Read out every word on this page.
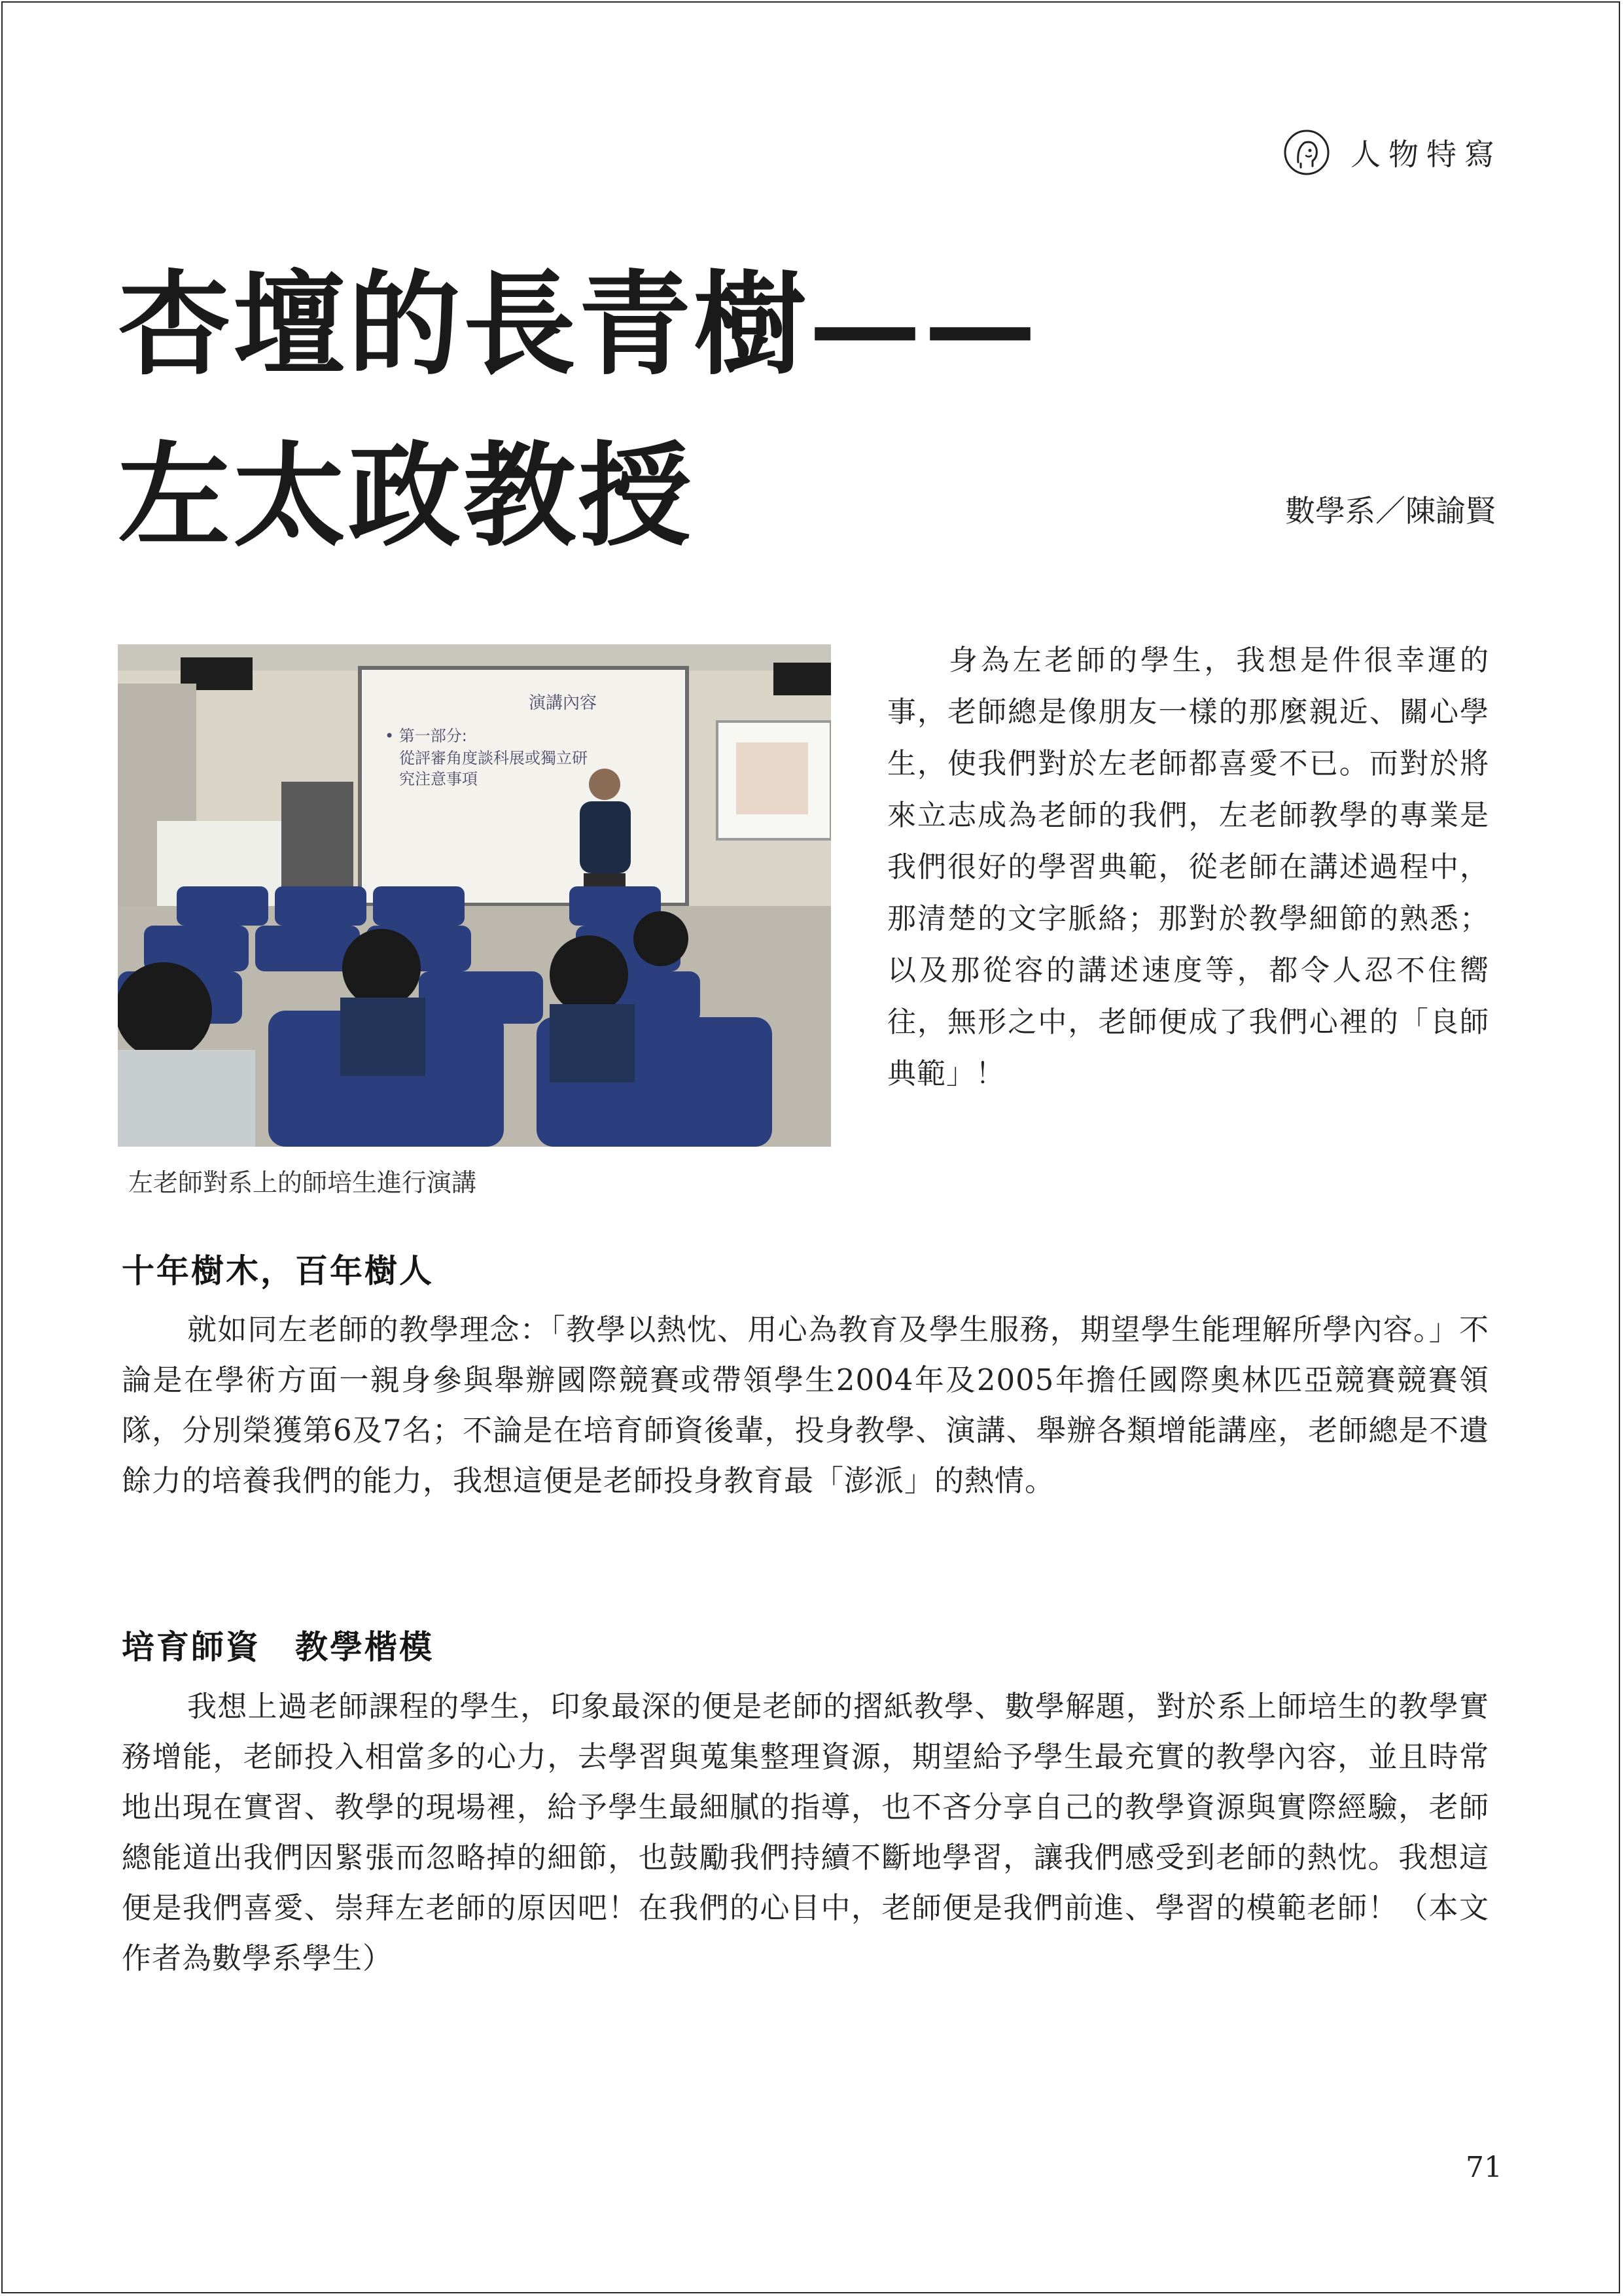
人物特寫
杏壇的長青樹——
左太政教授	數學系／陳諭賢
演講內容
• 第一部分:
從評審角度談科展或獨立研
究注意事項
左老師對系上的師培生進行演講

身為左老師的學生，我想是件很幸運的事，老師總是像朋友一樣的那麼親近、關心學生，使我們對於左老師都喜愛不已。而對於將來立志成為老師的我們，左老師教學的專業是我們很好的學習典範，從老師在講述過程中，那清楚的文字脈絡；那對於教學細節的熟悉；以及那從容的講述速度等，都令人忍不住嚮往，無形之中，老師便成了我們心裡的「良師典範」！

十年樹木，百年樹人

就如同左老師的教學理念：「教學以熱忱、用心為教育及學生服務，期望學生能理解所學內容。」不論是在學術方面一親身參與舉辦國際競賽或帶領學生2004年及2005年擔任國際奧林匹亞競賽競賽領隊，分別榮獲第6及7名；不論是在培育師資後輩，投身教學、演講、舉辦各類增能講座，老師總是不遺餘力的培養我們的能力，我想這便是老師投身教育最「澎派」的熱情。

培育師資　教學楷模

我想上過老師課程的學生，印象最深的便是老師的摺紙教學、數學解題，對於系上師培生的教學實務增能，老師投入相當多的心力，去學習與蒐集整理資源，期望給予學生最充實的教學內容，並且時常地出現在實習、教學的現場裡，給予學生最細膩的指導，也不吝分享自己的教學資源與實際經驗，老師總能道出我們因緊張而忽略掉的細節，也鼓勵我們持續不斷地學習，讓我們感受到老師的熱忱。我想這便是我們喜愛、崇拜左老師的原因吧！在我們的心目中，老師便是我們前進、學習的模範老師！（本文作者為數學系學生）

71
